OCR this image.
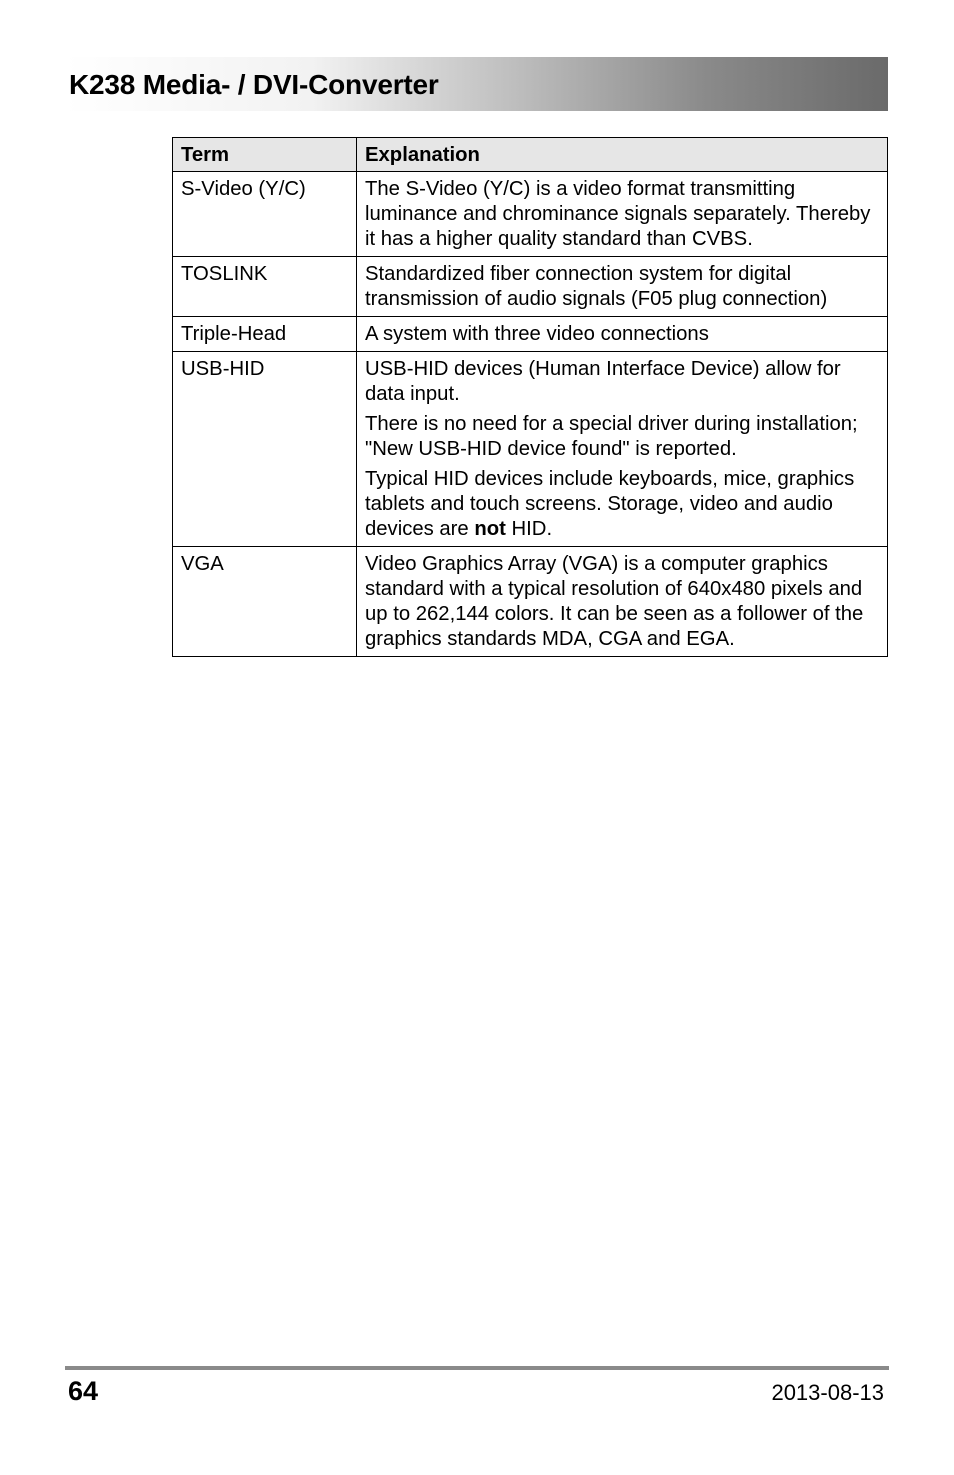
K238 Media- / DVI-Converter
Term	Explanation
S-Video (Y/C)	The S-Video (Y/C) is a video format transmitting luminance and chrominance signals separately. Thereby it has a higher quality standard than CVBS.

TOSLINK	Standardized fiber connection system for digital transmission of audio signals (F05 plug connection)

Triple-Head	A system with three video connections

USB-HID	USB-HID devices (Human Interface Device) allow for data input.

There is no need for a special driver during installation; "New USB-HID device found" is reported.

Typical HID devices include keyboards, mice, graphics tablets and touch screens. Storage, video and audio devices are not HID.

VGA	Video Graphics Array (VGA) is a computer graphics standard with a typical resolution of 640x480 pixels and up to 262,144 colors. It can be seen as a follower of the graphics standards MDA, CGA and EGA.

64	2013-08-13
